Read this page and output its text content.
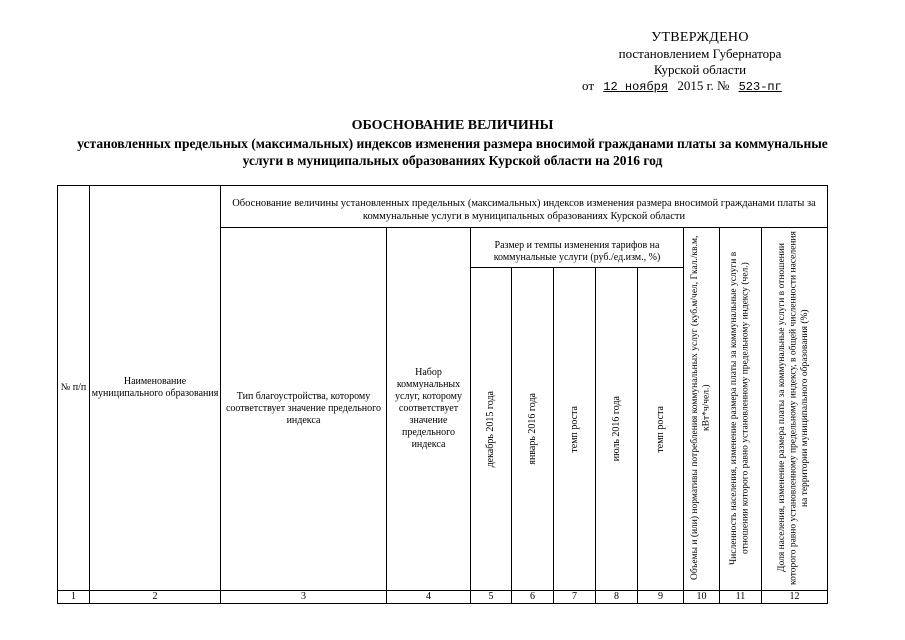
УТВЕРЖДЕНО
постановлением Губернатора
Курской области
от 12 ноября 2015 г. № 523-пг
ОБОСНОВАНИЕ ВЕЛИЧИНЫ
установленных предельных (максимальных) индексов изменения размера вносимой гражданами платы за коммунальные услуги в муниципальных образованиях Курской области на 2016 год
№ п/п	Наименование муниципального образования	Обоснование величины установленных предельных (максимальных) индексов изменения размера вносимой гражданами платы за коммунальные услуги в муниципальных образованиях Курской области									
		Тип благоустройства, которому соответствует значение предельного индекса	Набор коммунальных услуг, которому соответствует значение предельного индекса	Размер и темпы изменения тарифов на коммунальные услуги (руб./ед.изм., %)					Объемы и (или) нормативы потребления коммунальных услуг (куб.м/чел, Гкал./кв.м, кВт*ч/чел.)	Численность населения, изменение размера платы за коммунальные услуги в отношении которого равно установленному предельному индексу (чел.)	Доля населения, изменение размера платы за коммунальные услуги в отношении которого равно установленному предельному индексу, в общей численности населения на территории муниципального образования (%)

				декабрь 2015 года	январь 2016 года	темп роста	июль 2016 года	темп роста			

1	2	3	4	5	6	7	8	9	10	11	12
